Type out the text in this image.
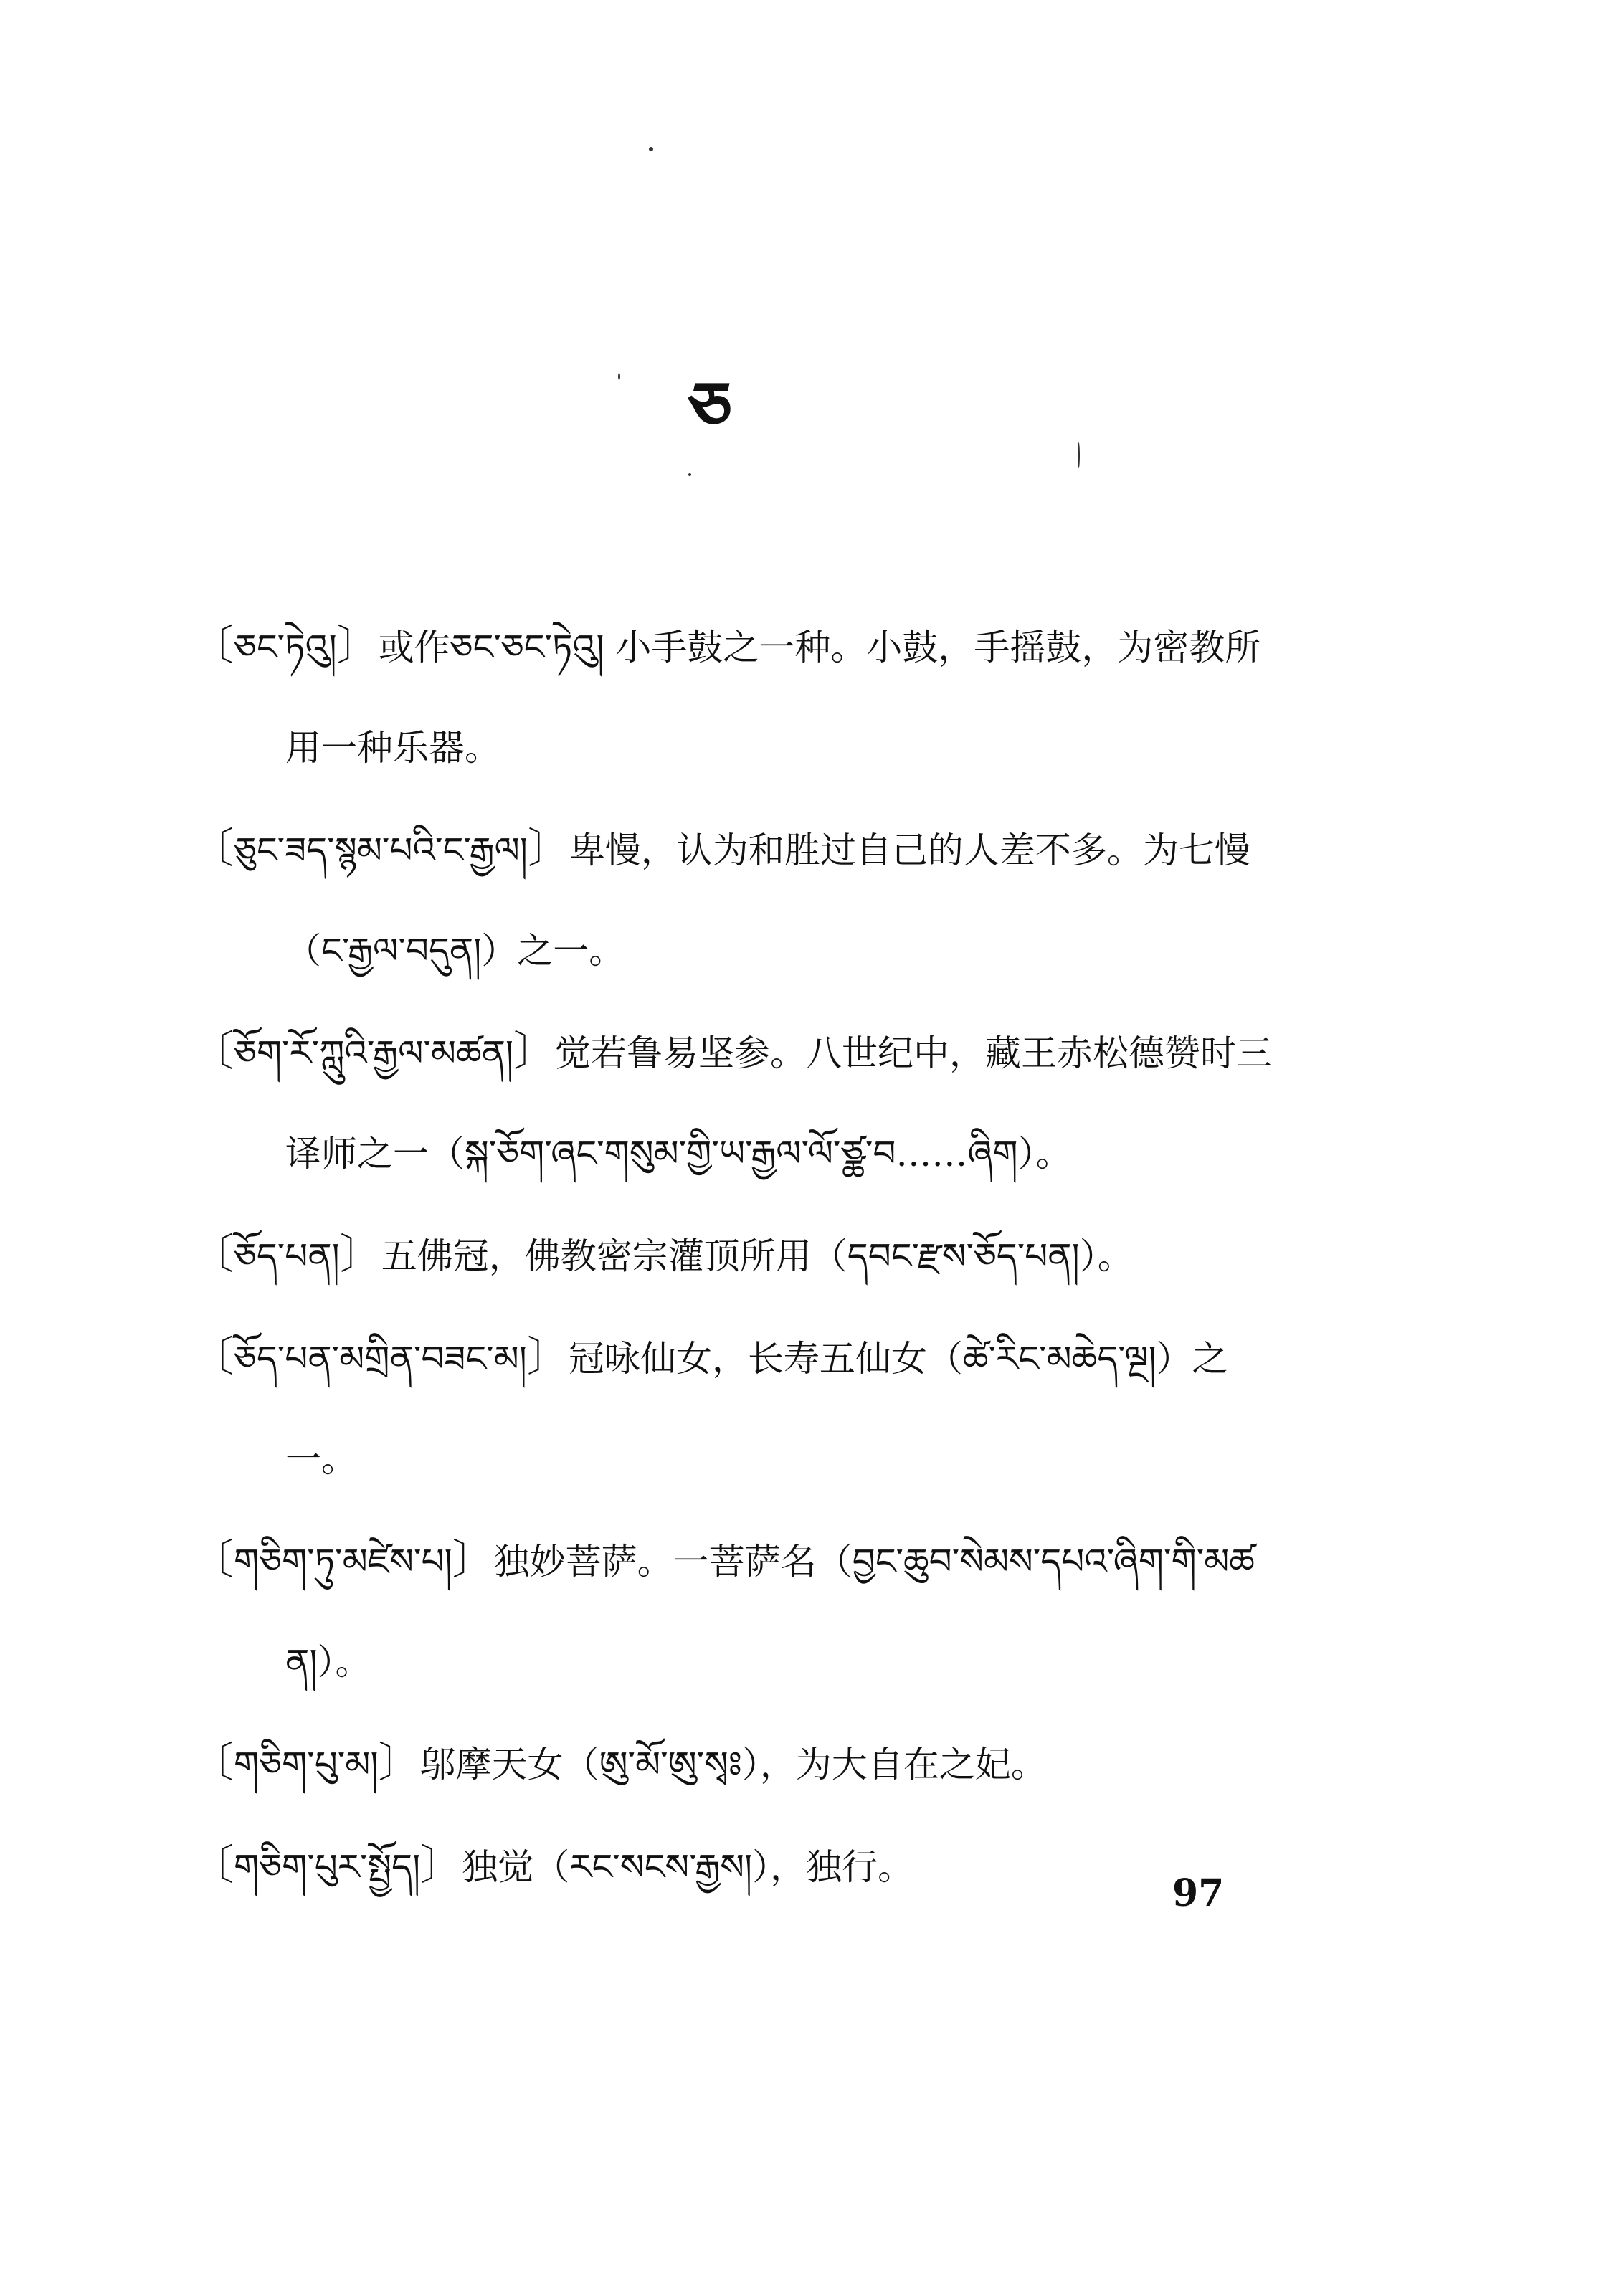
ཅ

〔ཅང་ཏེའུ།〕或作ཅང་ཅང་ཏེའུ། 小手鼓之一种。小鼓，手摇鼓，为密教所用一种乐器。

〔ཅུང་ཟད་སྙམ་པའི་ང་རྒྱལ།〕卑慢，认为和胜过自己的人差不多。为七慢（ང་རྒྱལ་བདུན།）之一。

〔ཅོག་རོ་ཀླུའི་རྒྱལ་མཚན།〕觉若鲁易坚参。八世纪中，藏王赤松德赞时三译师之一（སྐ་ཅོག་ཞང་གསུམ་གྱི་ཡ་རྒྱལ་ལོ་ཙྪ་བ……ཞིག）。

〔ཅོད་པན།〕五佛冠，佛教密宗灌顶所用（དབང་རྫས་ཅོད་པན།）。

〔ཅོད་པན་མགྲིན་བཟང་མ།〕冠咏仙女，长寿五仙女（ཚེ་རིང་མཆེད་ལྔ།）之一。

〔གཅིག་ཏུ་མཛེས་པ།〕独妙菩萨。一菩萨名（བྱང་ཆུབ་སེམས་དཔའ་ཞིག་གི་མཚན།）。

〔གཅིག་པུ་མ།〕邬摩天女（ཨུ་མོ་ཨུ་སྭཿ），为大自在之妃。

〔གཅིག་པུར་སྤྱོད།〕独觉（རང་སངས་རྒྱས།），独行。

97
